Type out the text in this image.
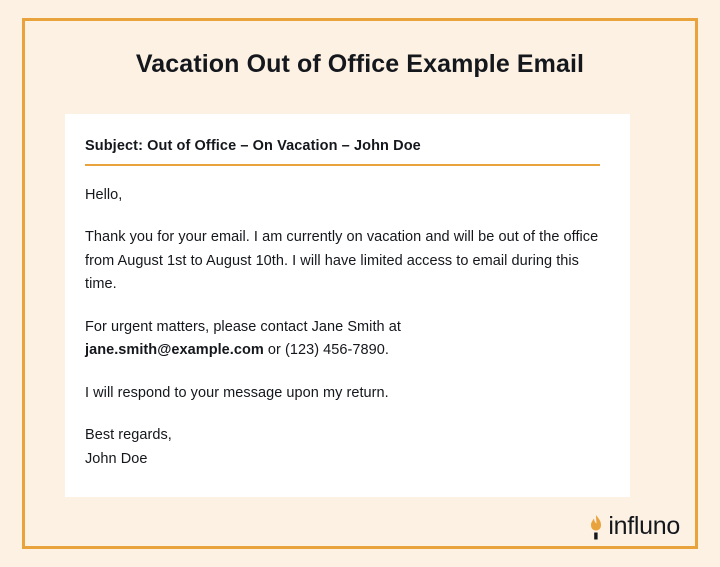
Vacation Out of Office Example Email
Subject: Out of Office – On Vacation – John Doe

Hello,

Thank you for your email. I am currently on vacation and will be out of the office from August 1st to August 10th. I will have limited access to email during this time.

For urgent matters, please contact Jane Smith at
jane.smith@example.com or (123) 456-7890.

I will respond to your message upon my return.

Best regards,
John Doe

influno
